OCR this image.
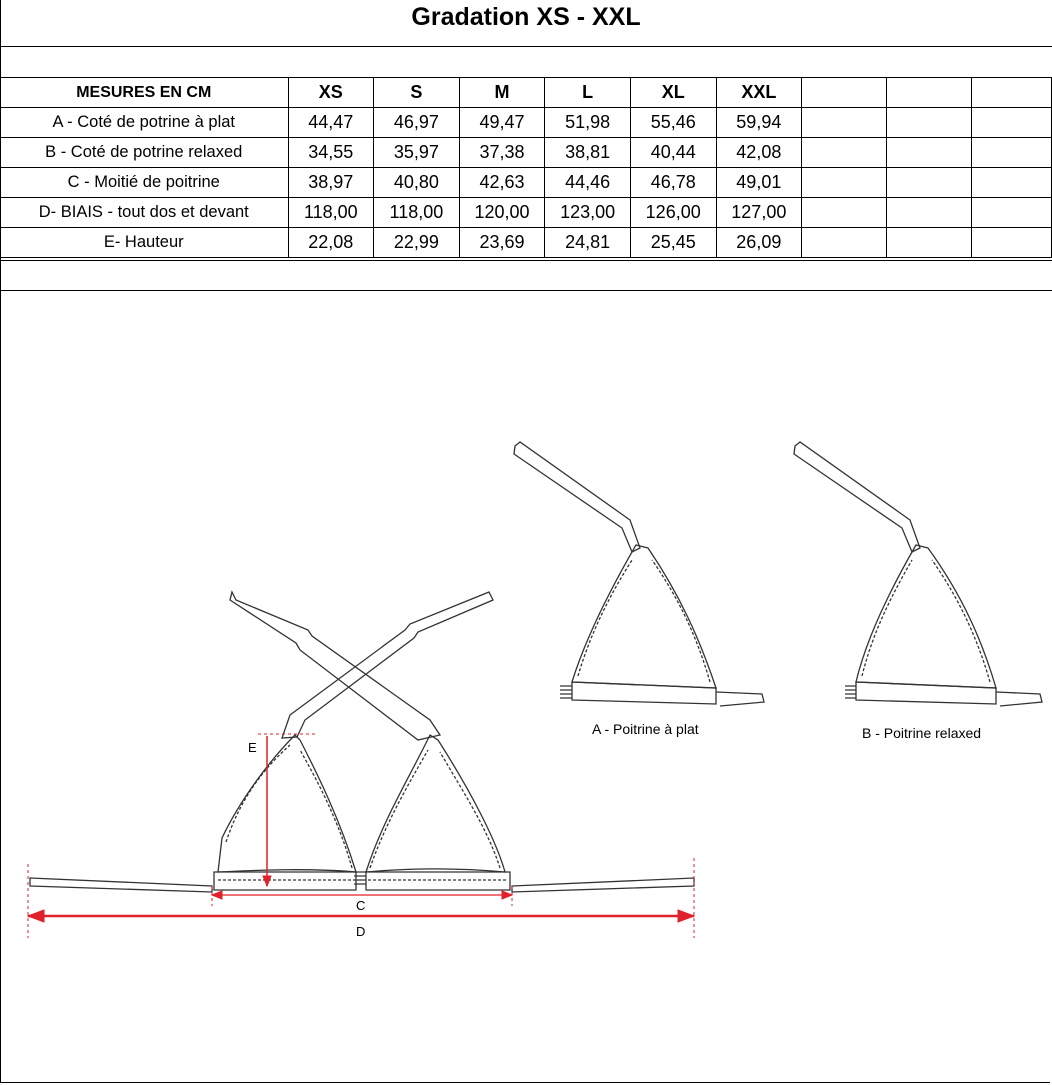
Gradation XS - XXL
MESURES EN CM	XS	S	M	L	XL	XXL			
A - Coté de potrine à plat	44,47	46,97	49,47	51,98	55,46	59,94			
B - Coté de potrine relaxed	34,55	35,97	37,38	38,81	40,44	42,08			
C - Moitié de poitrine	38,97	40,80	42,63	44,46	46,78	49,01			
D- BIAIS - tout dos et devant	118,00	118,00	120,00	123,00	126,00	127,00			
E- Hauteur	22,08	22,99	23,69	24,81	25,45	26,09			
E
C
D
A - Poitrine à plat	B - Poitrine relaxed
